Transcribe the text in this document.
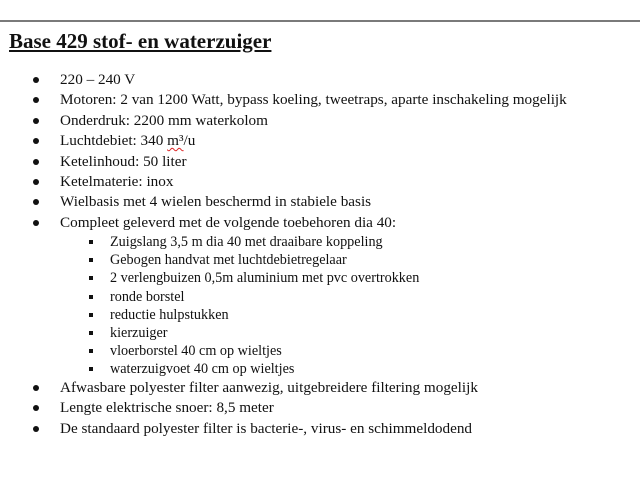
Base 429 stof- en waterzuiger
220 – 240 V
Motoren: 2 van 1200 Watt, bypass koeling, tweetraps, aparte inschakeling mogelijk
Onderdruk: 2200 mm waterkolom
Luchtdebiet: 340 m³/u
Ketelinhoud: 50 liter
Ketelmaterie: inox
Wielbasis met 4 wielen beschermd in stabiele basis
Compleet geleverd met de volgende toebehoren dia 40:
Zuigslang 3,5 m dia 40 met draaibare koppeling
Gebogen handvat met luchtdebietregelaar
2 verlengbuizen 0,5m aluminium met pvc overtrokken
ronde borstel
reductie hulpstukken
kierzuiger
vloerborstel 40 cm op wieltjes
waterzuigvoet 40 cm op wieltjes
Afwasbare polyester filter aanwezig, uitgebreidere filtering mogelijk
Lengte elektrische snoer: 8,5 meter
De standaard polyester filter is bacterie-, virus- en schimmeldodend
